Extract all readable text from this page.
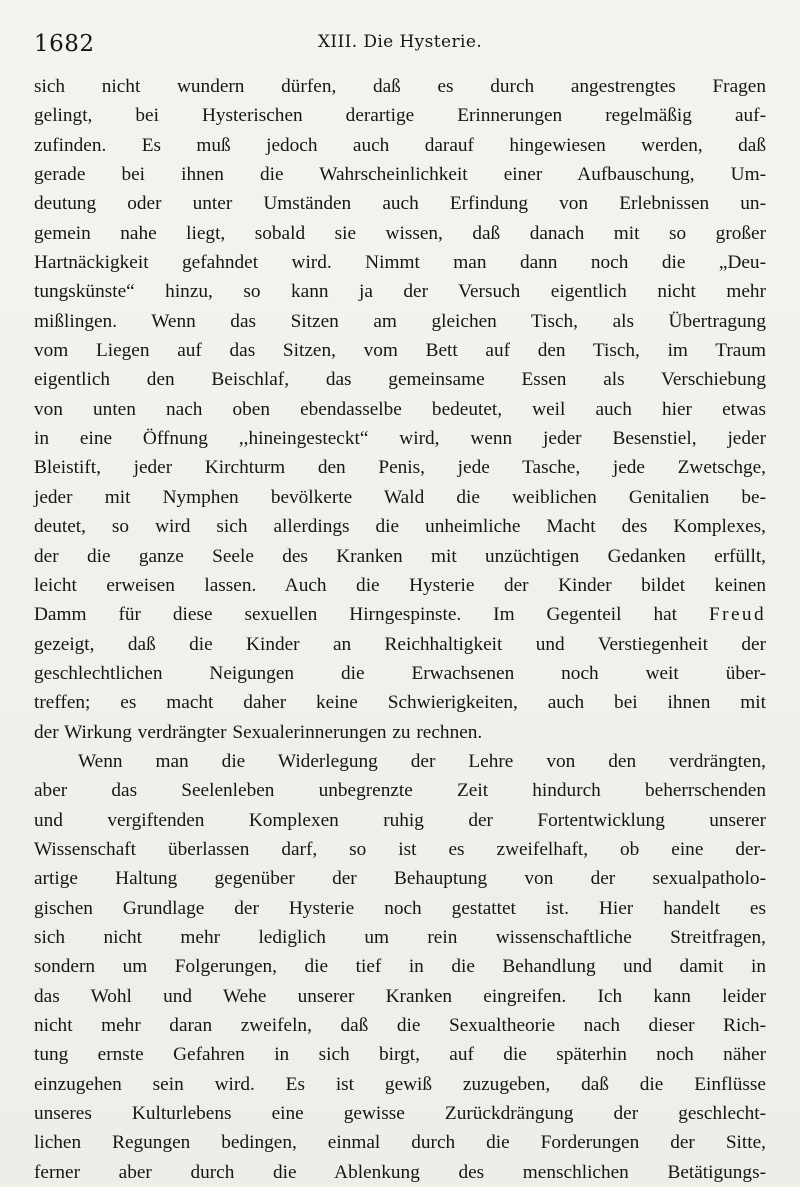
1682	XIII. Die Hysterie.
sich nicht wundern dürfen, daß es durch angestrengtes Fragen
gelingt, bei Hysterischen derartige Erinnerungen regelmäßig auf-
zufinden. Es muß jedoch auch darauf hingewiesen werden, daß
gerade bei ihnen die Wahrscheinlichkeit einer Aufbauschung, Um-
deutung oder unter Umständen auch Erfindung von Erlebnissen un-
gemein nahe liegt, sobald sie wissen, daß danach mit so großer
Hartnäckigkeit gefahndet wird. Nimmt man dann noch die „Deu-
tungskünste“ hinzu, so kann ja der Versuch eigentlich nicht mehr
mißlingen. Wenn das Sitzen am gleichen Tisch, als Übertragung
vom Liegen auf das Sitzen, vom Bett auf den Tisch, im Traum
eigentlich den Beischlaf, das gemeinsame Essen als Verschiebung
von unten nach oben ebendasselbe bedeutet, weil auch hier etwas
in eine Öffnung ,,hineingesteckt“ wird, wenn jeder Besenstiel, jeder
Bleistift, jeder Kirchturm den Penis, jede Tasche, jede Zwetschge,
jeder mit Nymphen bevölkerte Wald die weiblichen Genitalien be-
deutet, so wird sich allerdings die unheimliche Macht des Komplexes,
der die ganze Seele des Kranken mit unzüchtigen Gedanken erfüllt,
leicht erweisen lassen. Auch die Hysterie der Kinder bildet keinen
Damm für diese sexuellen Hirngespinste. Im Gegenteil hat Freud
gezeigt, daß die Kinder an Reichhaltigkeit und Verstiegenheit der
geschlechtlichen Neigungen die Erwachsenen noch weit über-
treffen; es macht daher keine Schwierigkeiten, auch bei ihnen mit
der Wirkung verdrängter Sexualerinnerungen zu rechnen.
Wenn man die Widerlegung der Lehre von den verdrängten,
aber das Seelenleben unbegrenzte Zeit hindurch beherrschenden
und vergiftenden Komplexen ruhig der Fortentwicklung unserer
Wissenschaft überlassen darf, so ist es zweifelhaft, ob eine der-
artige Haltung gegenüber der Behauptung von der sexualpatholo-
gischen Grundlage der Hysterie noch gestattet ist. Hier handelt es
sich nicht mehr lediglich um rein wissenschaftliche Streitfragen,
sondern um Folgerungen, die tief in die Behandlung und damit in
das Wohl und Wehe unserer Kranken eingreifen. Ich kann leider
nicht mehr daran zweifeln, daß die Sexualtheorie nach dieser Rich-
tung ernste Gefahren in sich birgt, auf die späterhin noch näher
einzugehen sein wird. Es ist gewiß zuzugeben, daß die Einflüsse
unseres Kulturlebens eine gewisse Zurückdrängung der geschlecht-
lichen Regungen bedingen, einmal durch die Forderungen der Sitte,
ferner aber durch die Ablenkung des menschlichen Betätigungs-
